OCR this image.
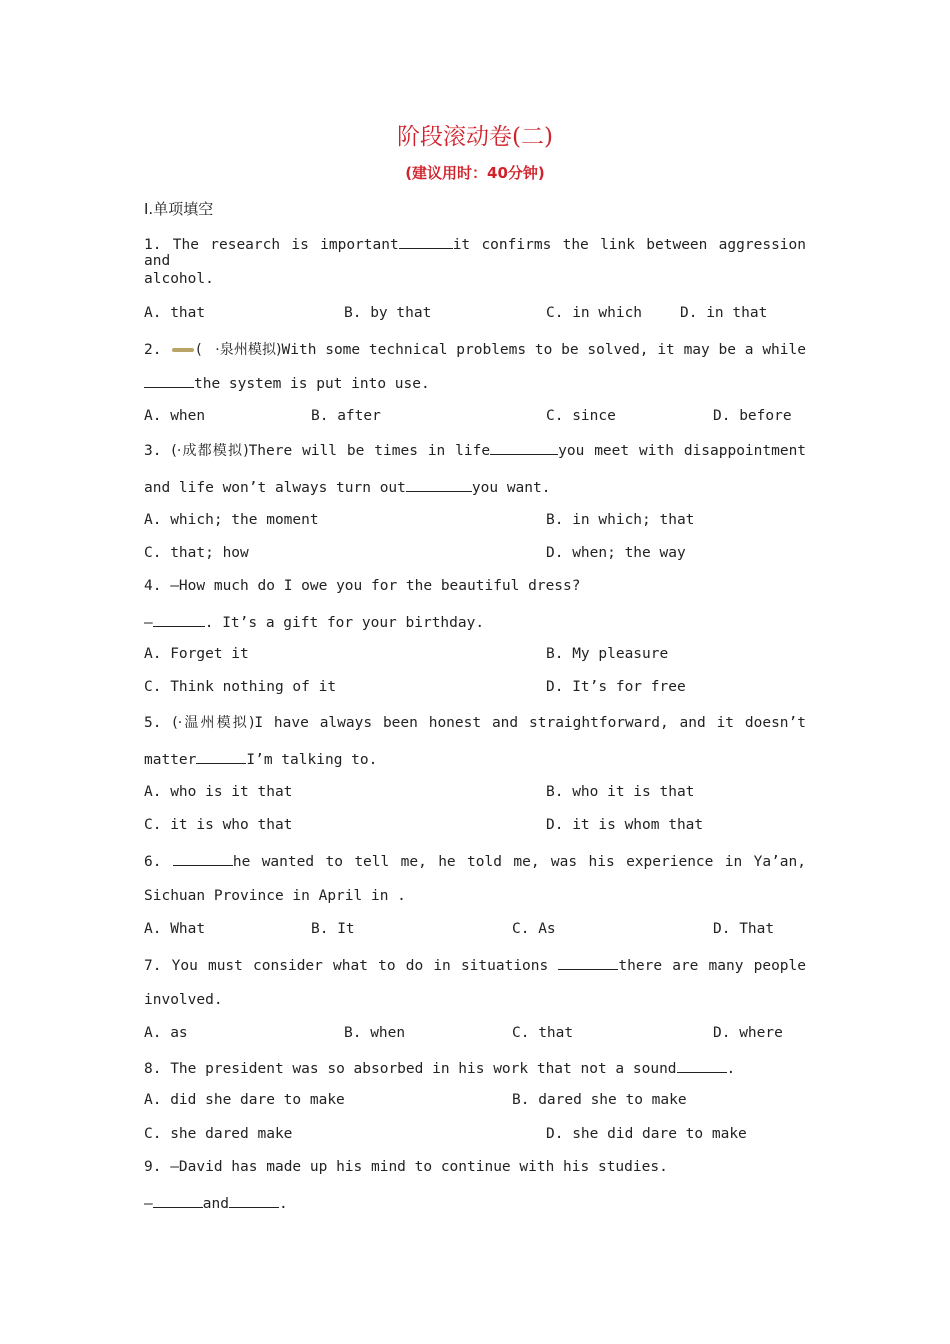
阶段滚动卷(二)
(建议用时：40分钟)
Ⅰ.单项填空
1. The research is important	it confirms the link between aggression and
alcohol.
A. that	B. by that	C. in which	D. in that
2. (   ·泉州模拟)With some technical problems to be solved, it may be a while
the system is put into use.
A. when	B. after	C. since	D. before
3. (·成都模拟)There will be times in life	you meet with disappointment
and life won’t always turn out	you want.
A. which; the moment	B. in which; that
C. that; how	D. when; the way
4. —How much do I owe you for the beautiful dress?
—	. It’s a gift for your birthday.
A. Forget it	B. My pleasure
C. Think nothing of it	D. It’s for free
5. (·温州模拟)I have always been honest and straightforward, and it doesn’t
matter	I’m talking to.
A. who is it that	B. who it is that
C. it is who that	D. it is whom that
6.	he wanted to tell me, he told me, was his experience in Ya’an,
Sichuan Province in April in .
A. What	B. It	C. As	D. That
7. You must consider what to do in situations	there are many people
involved.
A. as	B. when	C. that	D. where
8. The president was so absorbed in his work that not a sound	.
A. did she dare to make	B. dared she to make
C. she dared make	D. she did dare to make
9. —David has made up his mind to continue with his studies.
—	and	.
